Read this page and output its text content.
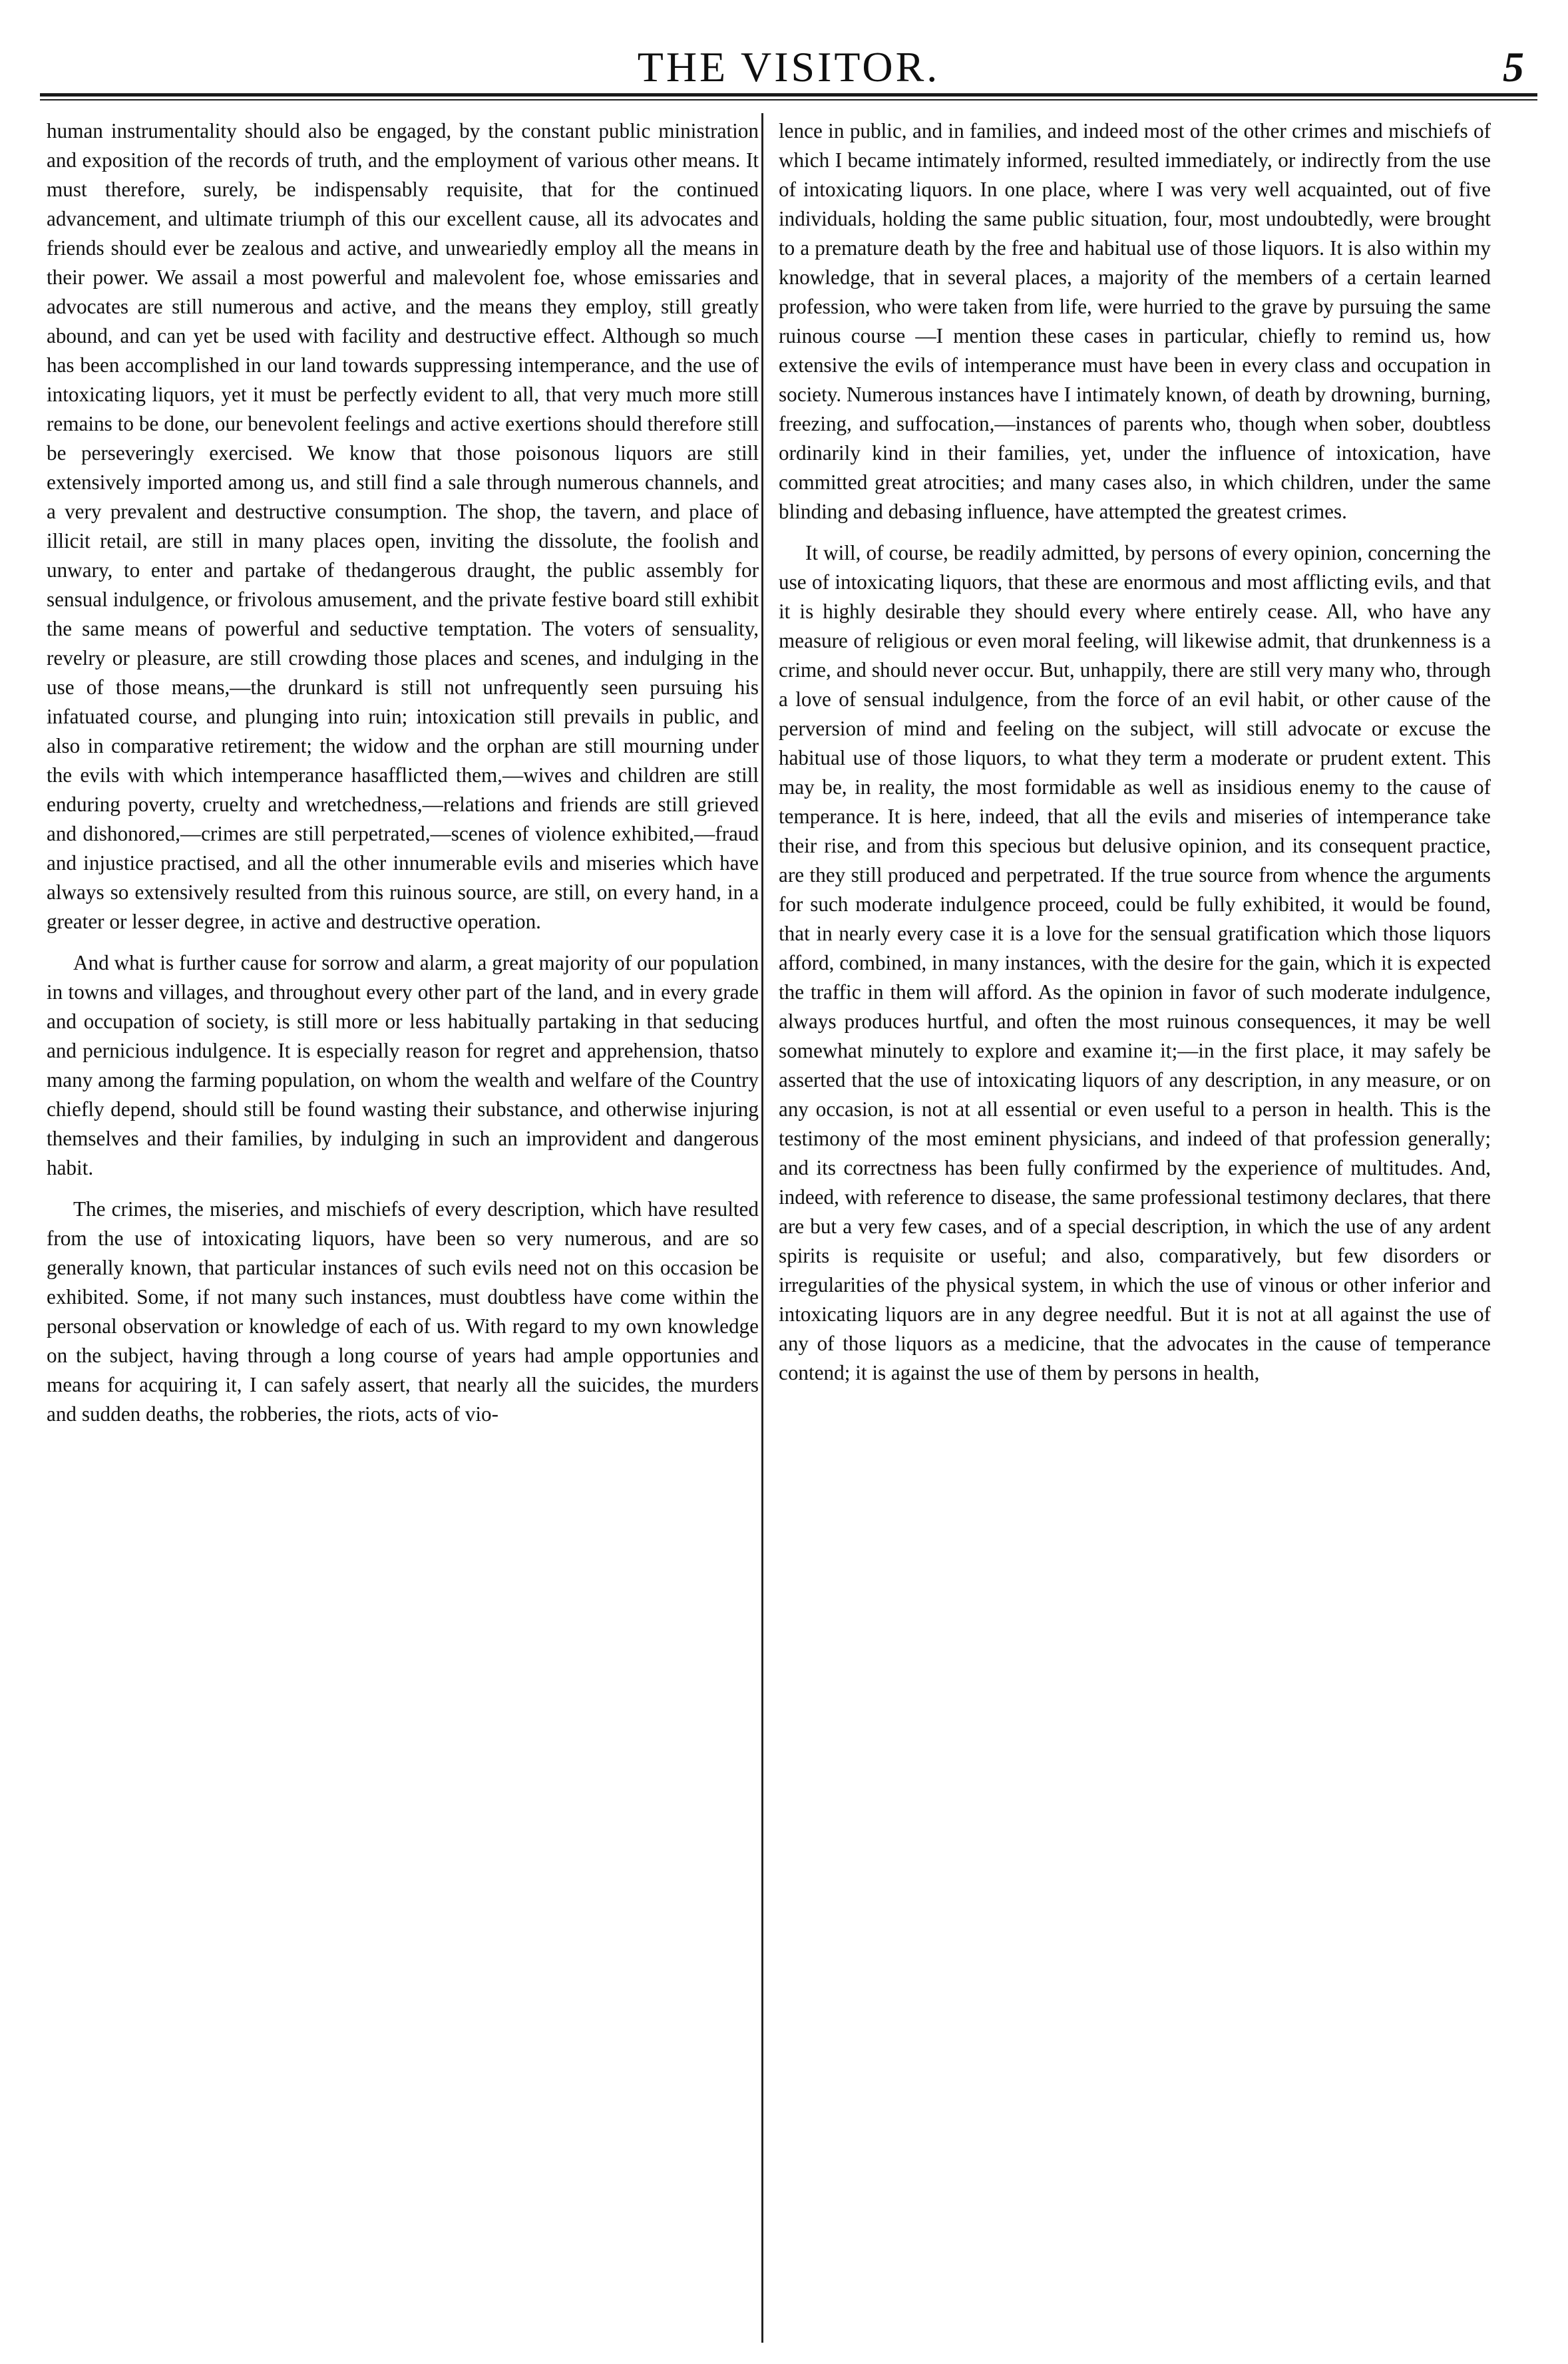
THE VISITOR.	5

human instrumentality should also be engaged, by the constant public ministration and exposition of the records of truth, and the employment of various other means. It must therefore, surely, be indispensably requisite, that for the continued advancement, and ultimate triumph of this our excellent cause, all its advocates and friends should ever be zealous and active, and unweariedly employ all the means in their power. We assail a most powerful and malevolent foe, whose emissaries and advocates are still numerous and active, and the means they employ, still greatly abound, and can yet be used with facility and destructive effect. Although so much has been accomplished in our land towards suppressing intemperance, and the use of intoxicating liquors, yet it must be perfectly evident to all, that very much more still remains to be done, our benevolent feelings and active exertions should therefore still be perseveringly exercised. We know that those poisonous liquors are still extensively imported among us, and still find a sale through numerous channels, and a very prevalent and destructive consumption. The shop, the tavern, and place of illicit retail, are still in many places open, inviting the dissolute, the foolish and unwary, to enter and partake of thedangerous draught, the public assembly for sensual indulgence, or frivolous amusement, and the private festive board still exhibit the same means of powerful and seductive temptation. The voters of sensuality, revelry or pleasure, are still crowding those places and scenes, and indulging in the use of those means,—the drunkard is still not unfrequently seen pursuing his infatuated course, and plunging into ruin; intoxication still prevails in public, and also in comparative retirement; the widow and the orphan are still mourning under the evils with which intemperance hasafflicted them,—wives and children are still enduring poverty, cruelty and wretchedness,—relations and friends are still grieved and dishonored,—crimes are still perpetrated,—scenes of violence exhibited,—fraud and injustice practised, and all the other innumerable evils and miseries which have always so extensively resulted from this ruinous source, are still, on every hand, in a greater or lesser degree, in active and destructive operation.

And what is further cause for sorrow and alarm, a great majority of our population in towns and villages, and throughout every other part of the land, and in every grade and occupation of society, is still more or less habitually partaking in that seducing and pernicious indulgence. It is especially reason for regret and apprehension, thatso many among the farming population, on whom the wealth and welfare of the Country chiefly depend, should still be found wasting their substance, and otherwise injuring themselves and their families, by indulging in such an improvident and dangerous habit.

The crimes, the miseries, and mischiefs of every description, which have resulted from the use of intoxicating liquors, have been so very numerous, and are so generally known, that particular instances of such evils need not on this occasion be exhibited. Some, if not many such instances, must doubtless have come within the personal observation or knowledge of each of us. With regard to my own knowledge on the subject, having through a long course of years had ample opportunies and means for acquiring it, I can safely assert, that nearly all the suicides, the murders and sudden deaths, the robberies, the riots, acts of vio-

lence in public, and in families, and indeed most of the other crimes and mischiefs of which I became intimately informed, resulted immediately, or indirectly from the use of intoxicating liquors. In one place, where I was very well acquainted, out of five individuals, holding the same public situation, four, most undoubtedly, were brought to a premature death by the free and habitual use of those liquors. It is also within my knowledge, that in several places, a majority of the members of a certain learned profession, who were taken from life, were hurried to the grave by pursuing the same ruinous course —I mention these cases in particular, chiefly to remind us, how extensive the evils of intemperance must have been in every class and occupation in society. Numerous instances have I intimately known, of death by drowning, burning, freezing, and suffocation,—instances of parents who, though when sober, doubtless ordinarily kind in their families, yet, under the influence of intoxication, have committed great atrocities; and many cases also, in which children, under the same blinding and debasing influence, have attempted the greatest crimes.

It will, of course, be readily admitted, by persons of every opinion, concerning the use of intoxicating liquors, that these are enormous and most afflicting evils, and that it is highly desirable they should every where entirely cease. All, who have any measure of religious or even moral feeling, will likewise admit, that drunkenness is a crime, and should never occur. But, unhappily, there are still very many who, through a love of sensual indulgence, from the force of an evil habit, or other cause of the perversion of mind and feeling on the subject, will still advocate or excuse the habitual use of those liquors, to what they term a moderate or prudent extent. This may be, in reality, the most formidable as well as insidious enemy to the cause of temperance. It is here, indeed, that all the evils and miseries of intemperance take their rise, and from this specious but delusive opinion, and its consequent practice, are they still produced and perpetrated. If the true source from whence the arguments for such moderate indulgence proceed, could be fully exhibited, it would be found, that in nearly every case it is a love for the sensual gratification which those liquors afford, combined, in many instances, with the desire for the gain, which it is expected the traffic in them will afford. As the opinion in favor of such moderate indulgence, always produces hurtful, and often the most ruinous consequences, it may be well somewhat minutely to explore and examine it;—in the first place, it may safely be asserted that the use of intoxicating liquors of any description, in any measure, or on any occasion, is not at all essential or even useful to a person in health. This is the testimony of the most eminent physicians, and indeed of that profession generally; and its correctness has been fully confirmed by the experience of multitudes. And, indeed, with reference to disease, the same professional testimony declares, that there are but a very few cases, and of a special description, in which the use of any ardent spirits is requisite or useful; and also, comparatively, but few disorders or irregularities of the physical system, in which the use of vinous or other inferior and intoxicating liquors are in any degree needful. But it is not at all against the use of any of those liquors as a medicine, that the advocates in the cause of temperance contend; it is against the use of them by persons in health,
